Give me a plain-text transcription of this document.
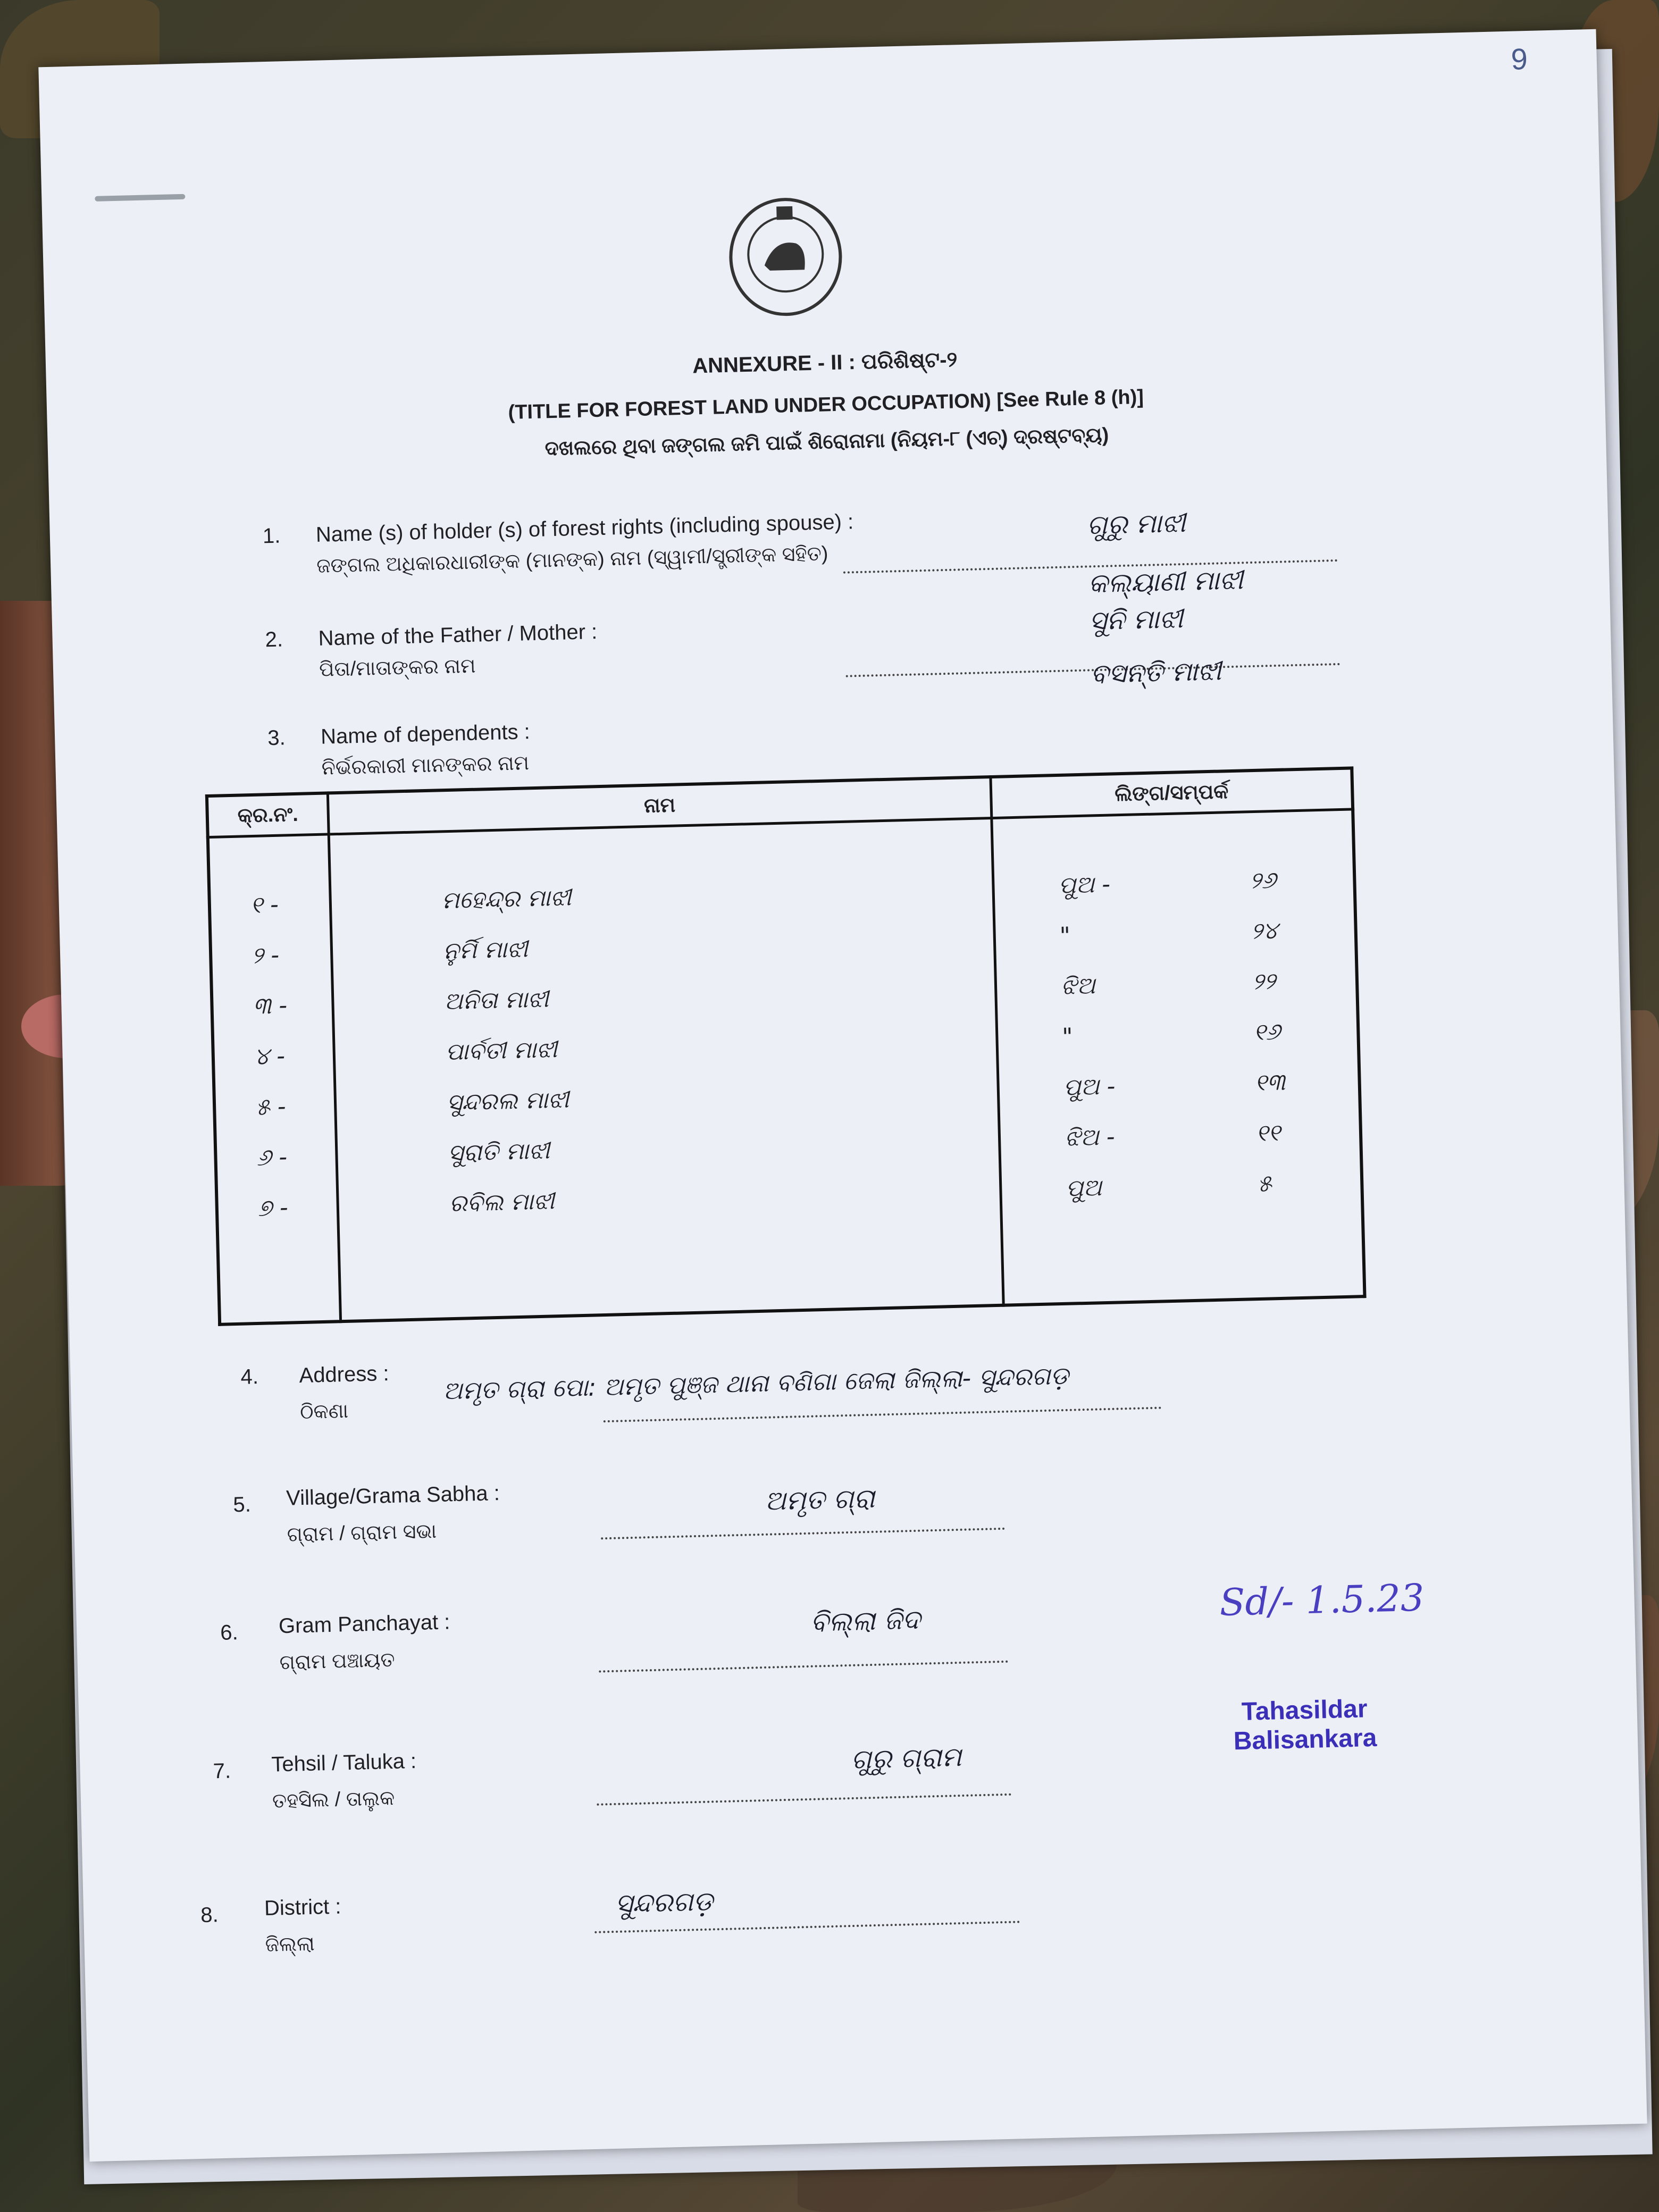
9
ANNEXURE - II : ପରିଶିଷ୍ଟ-୨
(TITLE FOR FOREST LAND UNDER OCCUPATION) [See Rule 8 (h)]
ଦଖଲରେ ଥିବା ଜଙ୍ଗଲ ଜମି ପାଇଁ ଶିରୋନାମା (ନିୟମ-୮ (ଏଚ୍) ଦ୍ରଷ୍ଟବ୍ୟ)
1. Name (s) of holder (s) of forest rights (including spouse) :
ଜଙ୍ଗଲ ଅଧିକାରଧାରୀଙ୍କ (ମାନଙ୍କ) ନାମ (ସ୍ୱାମୀ/ସ୍ତ୍ରୀଙ୍କ ସହିତ)
ଗୁରୁ ମାଝୀ
କଲ୍ୟାଣୀ ମାଝୀ
2. Name of the Father / Mother :
ପିତା/ମାତାଙ୍କର ନାମ
ସୁନି ମାଝୀ
ବସନ୍ତି ମାଝୀ
3. Name of dependents :
ନିର୍ଭରକାରୀ ମାନଙ୍କର ନାମ
କ୍ର.ନଂ.	ନାମ	ଲିଙ୍ଗ/ସମ୍ପର୍କ

୧ -	ମହେନ୍ଦ୍ର ମାଝୀ	ପୁଅ -	୨୬
୨ -	ନୁର୍ମି ମାଝୀ	"	୨୪
୩ -	ଅନିତା ମାଝୀ	ଝିଅ	୨୨
୪ -	ପାର୍ବତୀ ମାଝୀ	"	୧୬
୫ -	ସୁନ୍ଦରଲ ମାଝୀ	ପୁଅ -	୧୩
୬ -	ସୁରାତି ମାଝୀ	ଝିଅ -	୧୧
୭ -	ରବିଲ ମାଝୀ	ପୁଅ	୫
4. Address :
ଠିକଣା
ଅମୃତ ଗ୍ରା ପୋ: ଅମୃତ ପୁଞ୍ଜ ଥାନା ବଣିଗା ଜେଲା ଜିଲ୍ଲା- ସୁନ୍ଦରଗଡ଼
5. Village/Grama Sabha :
ଗ୍ରାମ / ଗ୍ରାମ ସଭା
ଅମୃତ ଗ୍ରା
6. Gram Panchayat :
ଗ୍ରାମ ପଞ୍ଚାୟତ
ବିଲ୍ଲା ଜିଦ
7. Tehsil / Taluka :
ତହସିଲ / ତାଲୁକ
ଗୁରୁ ଗ୍ରାମ
8. District :
ଜିଲ୍ଲା
ସୁନ୍ଦରଗଡ଼
Sd/- 1.5.23
Tahasildar
Balisankara
